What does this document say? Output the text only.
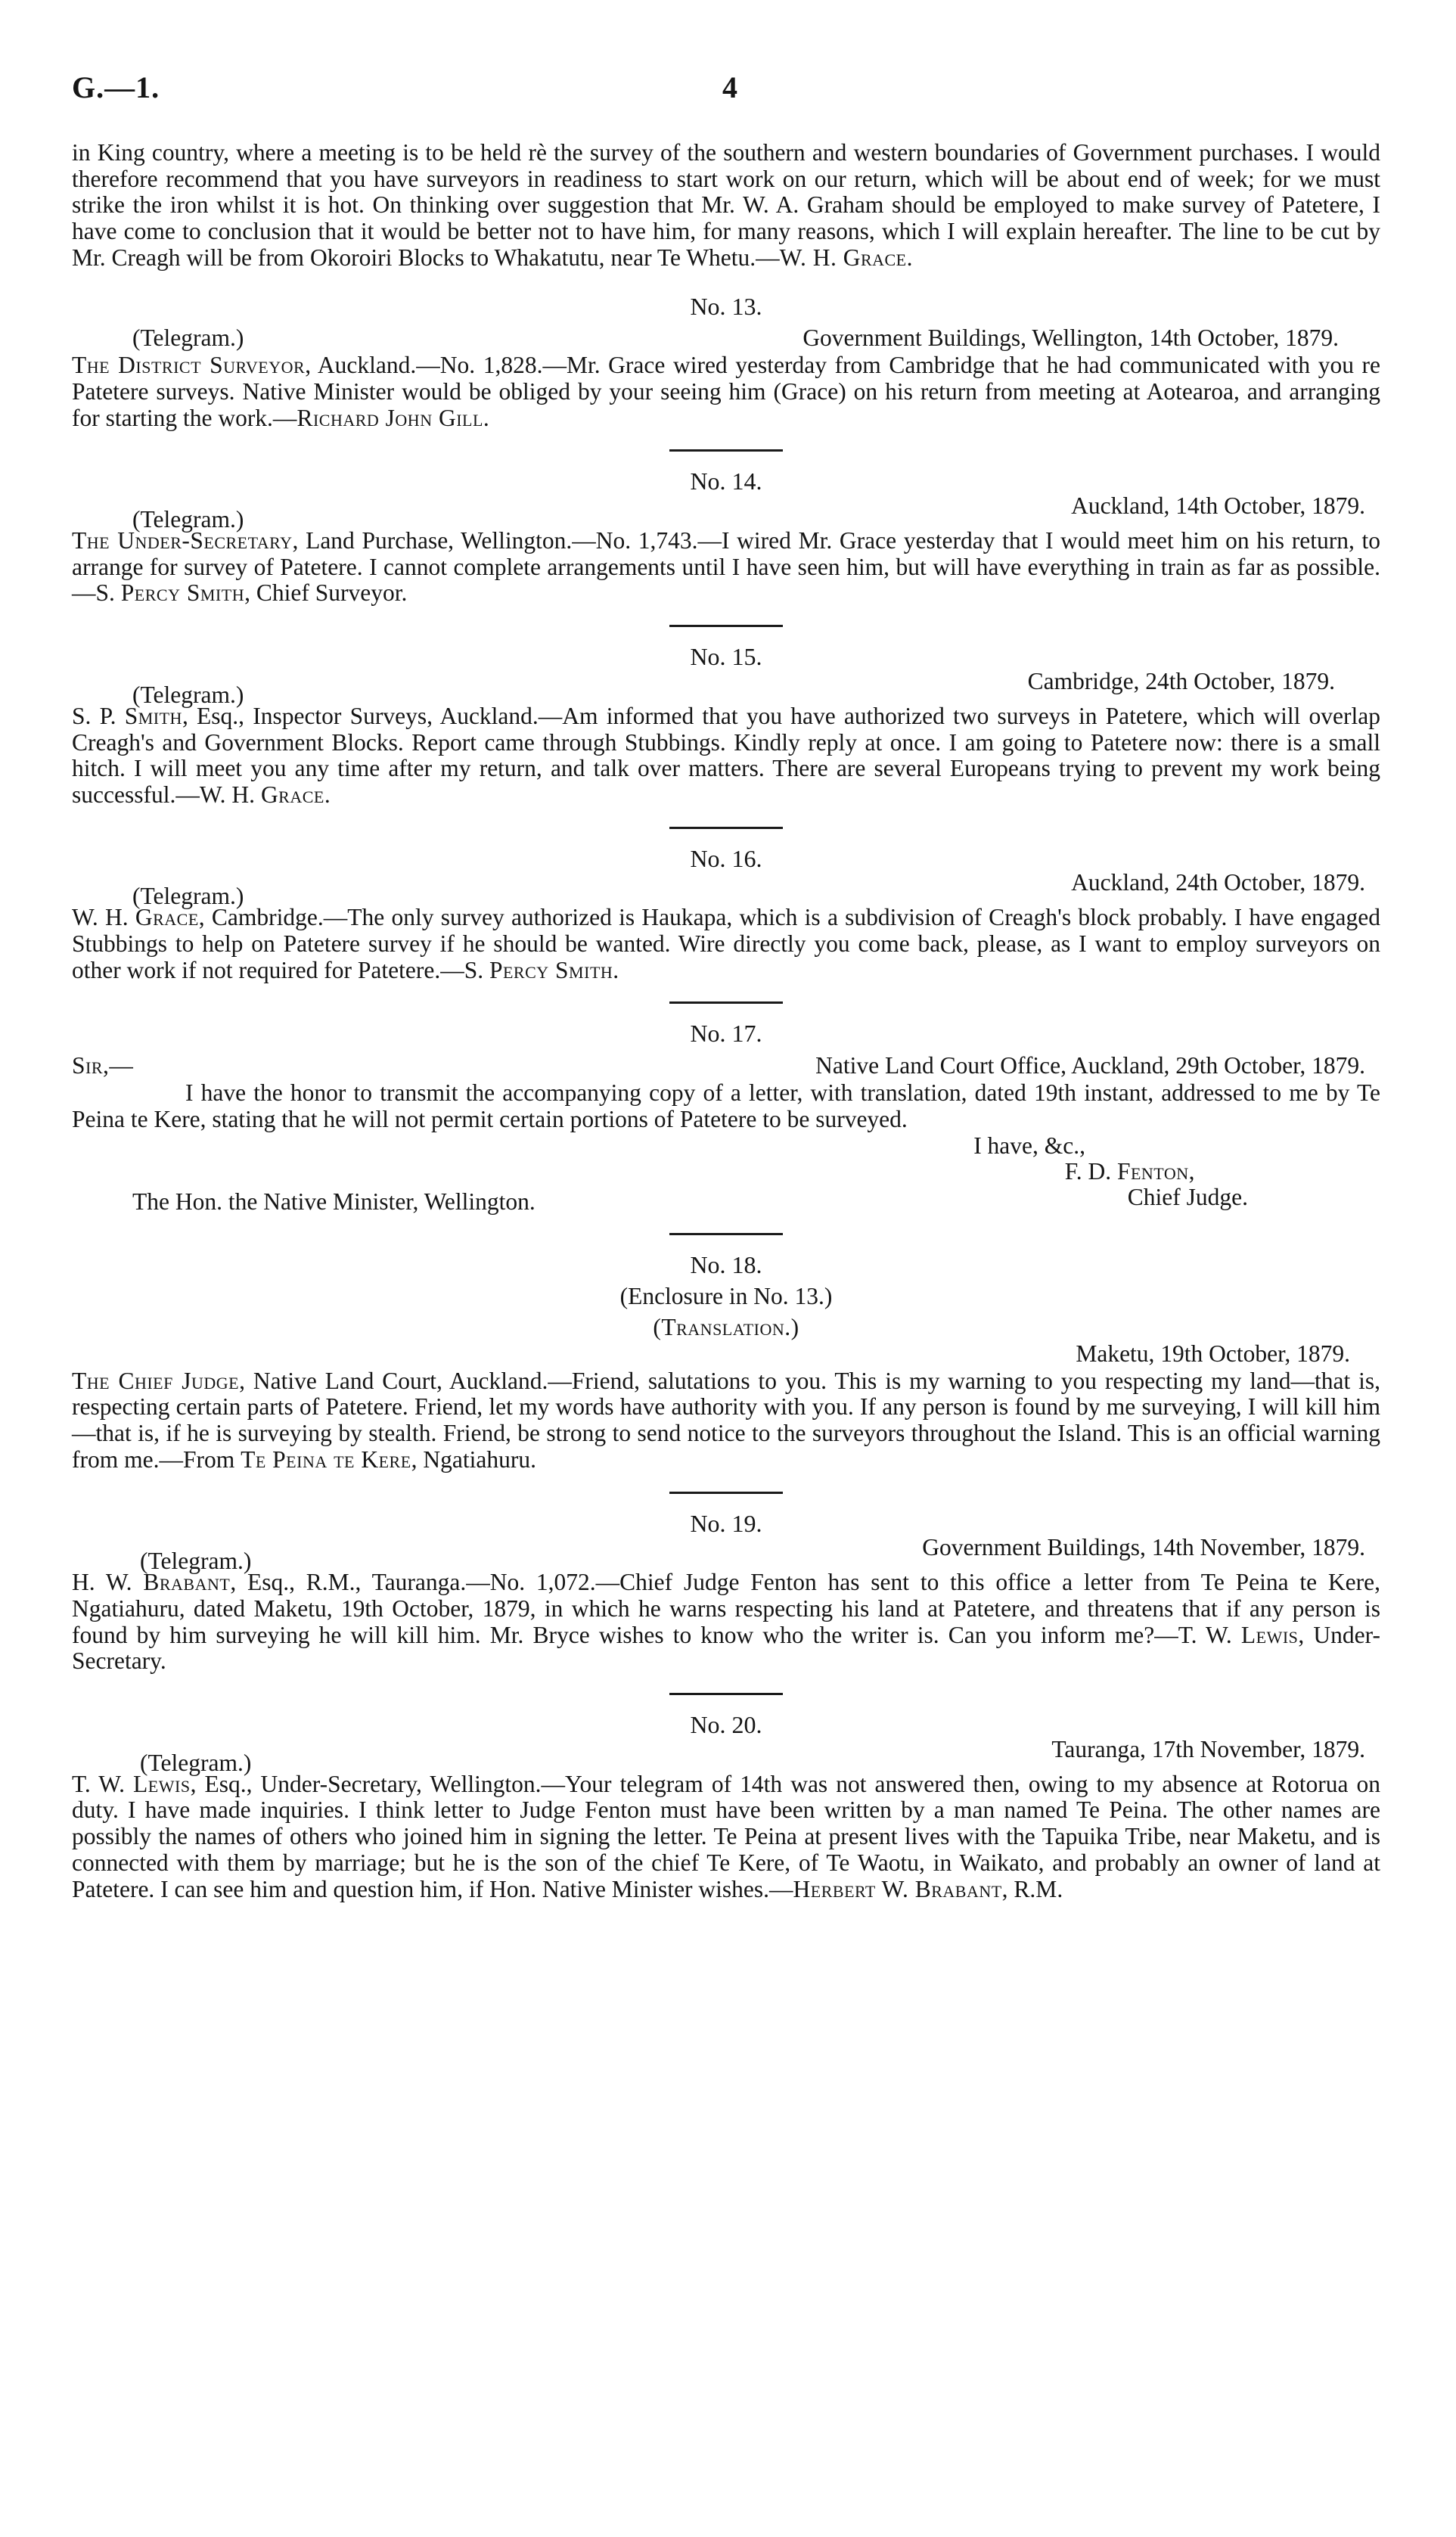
G.—1.	4

in King country, where a meeting is to be held rè the survey of the southern and western boundaries of Government purchases. I would therefore recommend that you have surveyors in readiness to start work on our return, which will be about end of week; for we must strike the iron whilst it is hot. On thinking over suggestion that Mr. W. A. Graham should be employed to make survey of Patetere, I have come to conclusion that it would be better not to have him, for many reasons, which I will explain hereafter. The line to be cut by Mr. Creagh will be from Okoroiri Blocks to Whakatutu, near Te Whetu.—W. H. Grace.

No. 13.
(Telegram.)	Government Buildings, Wellington, 14th October, 1879.

The District Surveyor, Auckland.—No. 1,828.—Mr. Grace wired yesterday from Cambridge that he had communicated with you re Patetere surveys. Native Minister would be obliged by your seeing him (Grace) on his return from meeting at Aotearoa, and arranging for starting the work.—Richard John Gill.

No. 14.
(Telegram.)
Auckland, 14th October, 1879.

The Under-Secretary, Land Purchase, Wellington.—No. 1,743.—I wired Mr. Grace yesterday that I would meet him on his return, to arrange for survey of Patetere. I cannot complete arrangements until I have seen him, but will have everything in train as far as possible.—S. Percy Smith, Chief Surveyor.

No. 15.
(Telegram.)
Cambridge, 24th October, 1879.

S. P. Smith, Esq., Inspector Surveys, Auckland.—Am informed that you have authorized two surveys in Patetere, which will overlap Creagh's and Government Blocks. Report came through Stubbings. Kindly reply at once. I am going to Patetere now: there is a small hitch. I will meet you any time after my return, and talk over matters. There are several Europeans trying to prevent my work being successful.—W. H. Grace.

No. 16.
(Telegram.)
Auckland, 24th October, 1879.

W. H. Grace, Cambridge.—The only survey authorized is Haukapa, which is a subdivision of Creagh's block probably. I have engaged Stubbings to help on Patetere survey if he should be wanted. Wire directly you come back, please, as I want to employ surveyors on other work if not required for Patetere.—S. Percy Smith.

No. 17.
Sir,—	Native Land Court Office, Auckland, 29th October, 1879.

I have the honor to transmit the accompanying copy of a letter, with translation, dated 19th instant, addressed to me by Te Peina te Kere, stating that he will not permit certain portions of Patetere to be surveyed.

I have, &c.,
F. D. Fenton,
Chief Judge.
The Hon. the Native Minister, Wellington.
No. 18.
(Enclosure in No. 13.)
(Translation.)
Maketu, 19th October, 1879.

The Chief Judge, Native Land Court, Auckland.—Friend, salutations to you. This is my warning to you respecting my land—that is, respecting certain parts of Patetere. Friend, let my words have authority with you. If any person is found by me surveying, I will kill him—that is, if he is surveying by stealth. Friend, be strong to send notice to the surveyors throughout the Island. This is an official warning from me.—From Te Peina te Kere, Ngatiahuru.

No. 19.
(Telegram.)
Government Buildings, 14th November, 1879.

H. W. Brabant, Esq., R.M., Tauranga.—No. 1,072.—Chief Judge Fenton has sent to this office a letter from Te Peina te Kere, Ngatiahuru, dated Maketu, 19th October, 1879, in which he warns respecting his land at Patetere, and threatens that if any person is found by him surveying he will kill him. Mr. Bryce wishes to know who the writer is. Can you inform me?—T. W. Lewis, Under-Secretary.

No. 20.
(Telegram.)
Tauranga, 17th November, 1879.

T. W. Lewis, Esq., Under-Secretary, Wellington.—Your telegram of 14th was not answered then, owing to my absence at Rotorua on duty. I have made inquiries. I think letter to Judge Fenton must have been written by a man named Te Peina. The other names are possibly the names of others who joined him in signing the letter. Te Peina at present lives with the Tapuika Tribe, near Maketu, and is connected with them by marriage; but he is the son of the chief Te Kere, of Te Waotu, in Waikato, and probably an owner of land at Patetere. I can see him and question him, if Hon. Native Minister wishes.—Herbert W. Brabant, R.M.
